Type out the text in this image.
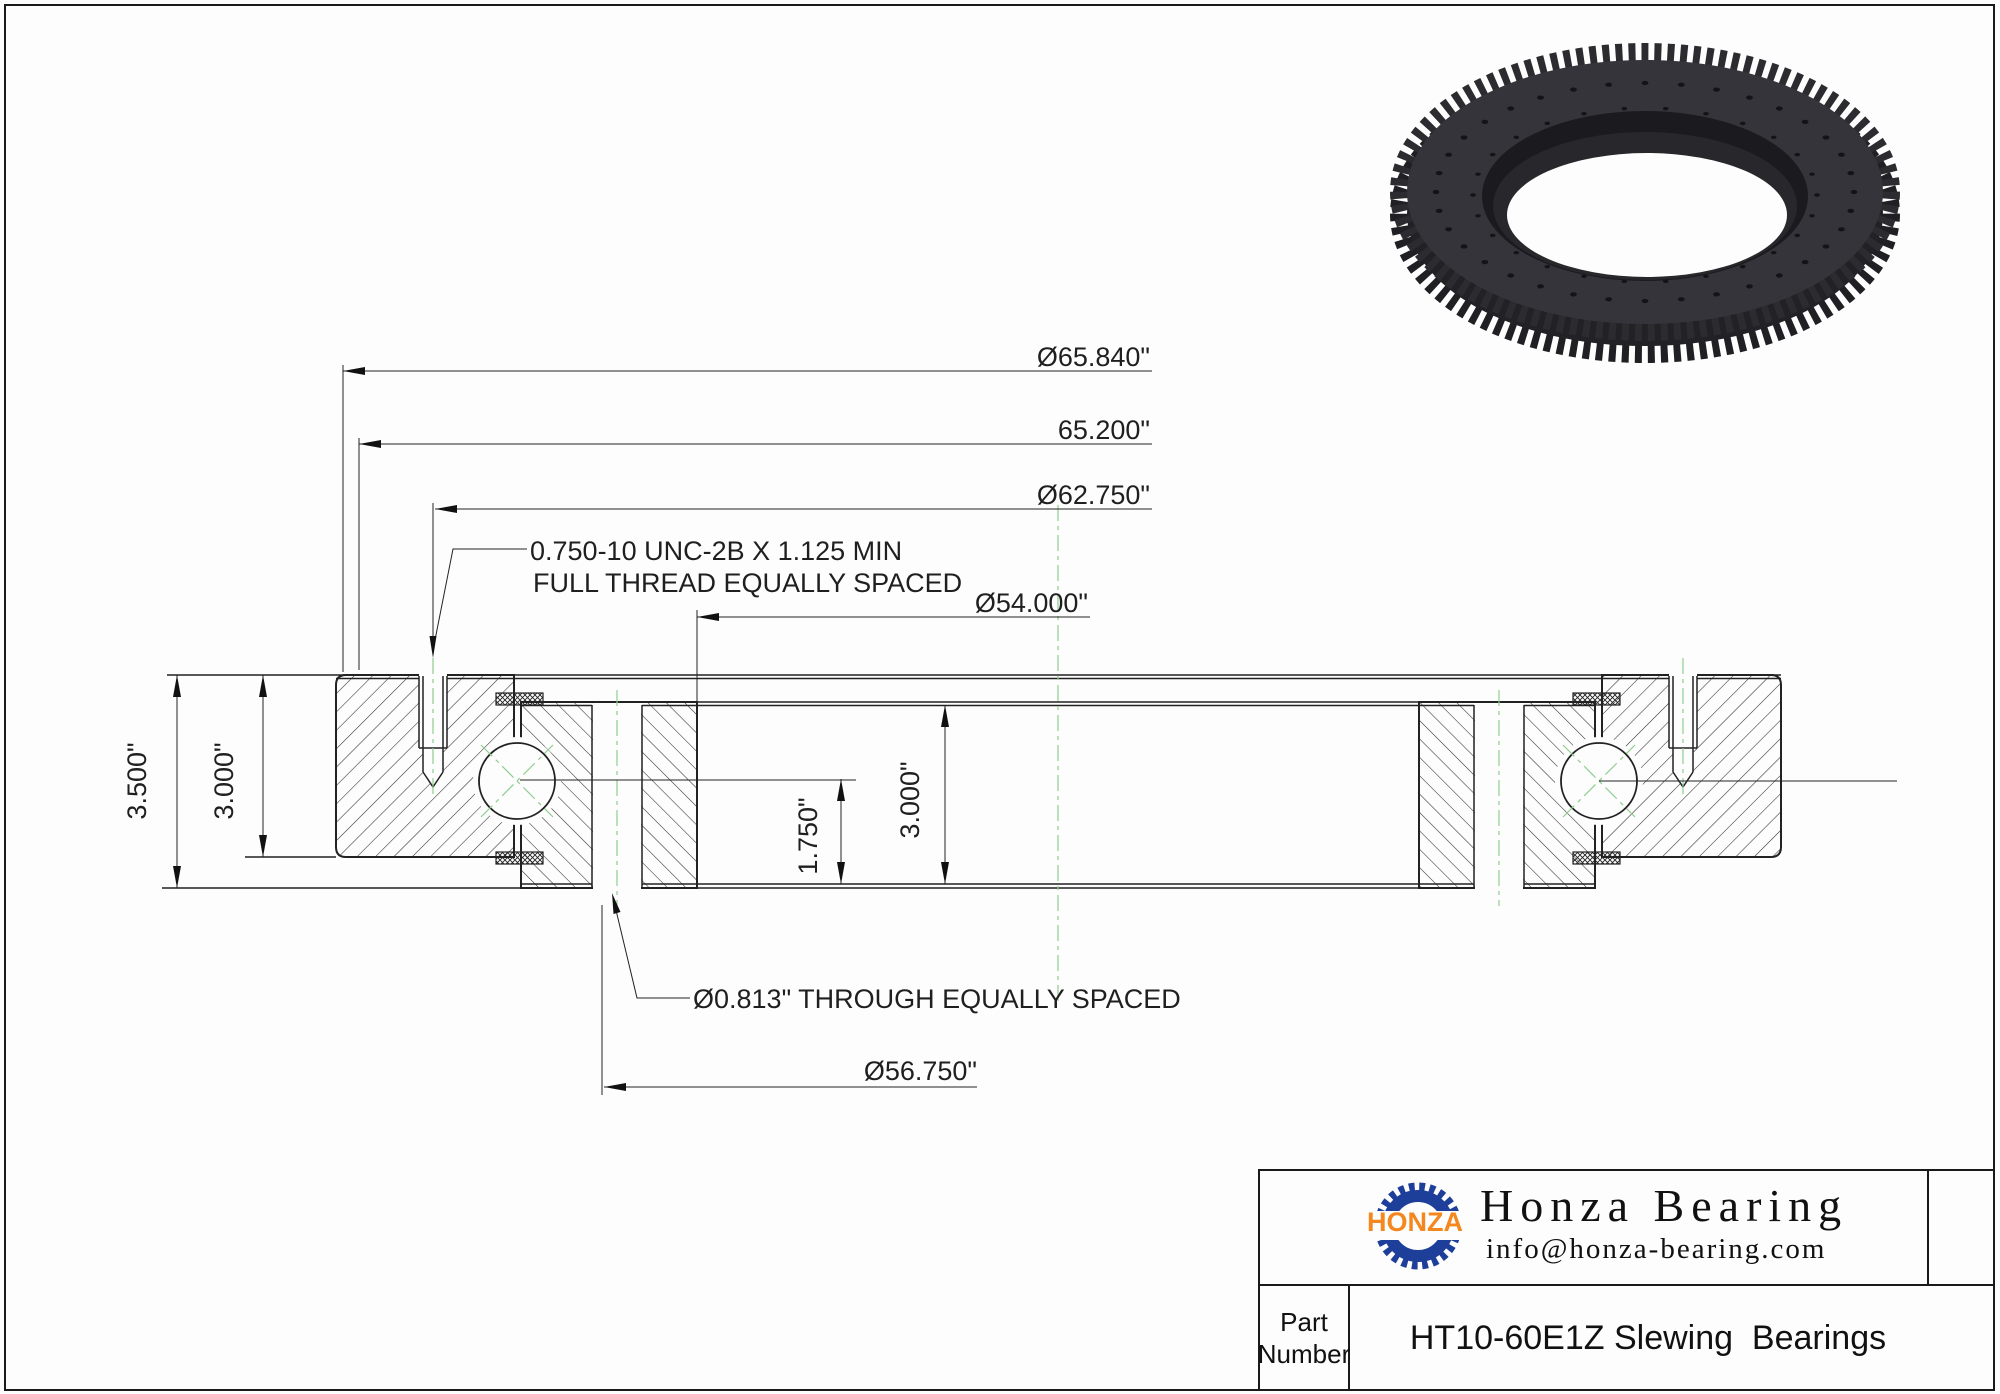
Ø65.840"
65.200"
Ø62.750"
Ø54.000"
Ø56.750"
0.750-10 UNC-2B X 1.125 MIN
FULL THREAD EQUALLY SPACED
Ø0.813" THROUGH EQUALLY SPACED
3.500" 3.000"
1.750"	3.000"
HONZA Honza Bearing
info@honza-bearing.com
Part
Number	HT10-60E1Z Slewing  Bearings
